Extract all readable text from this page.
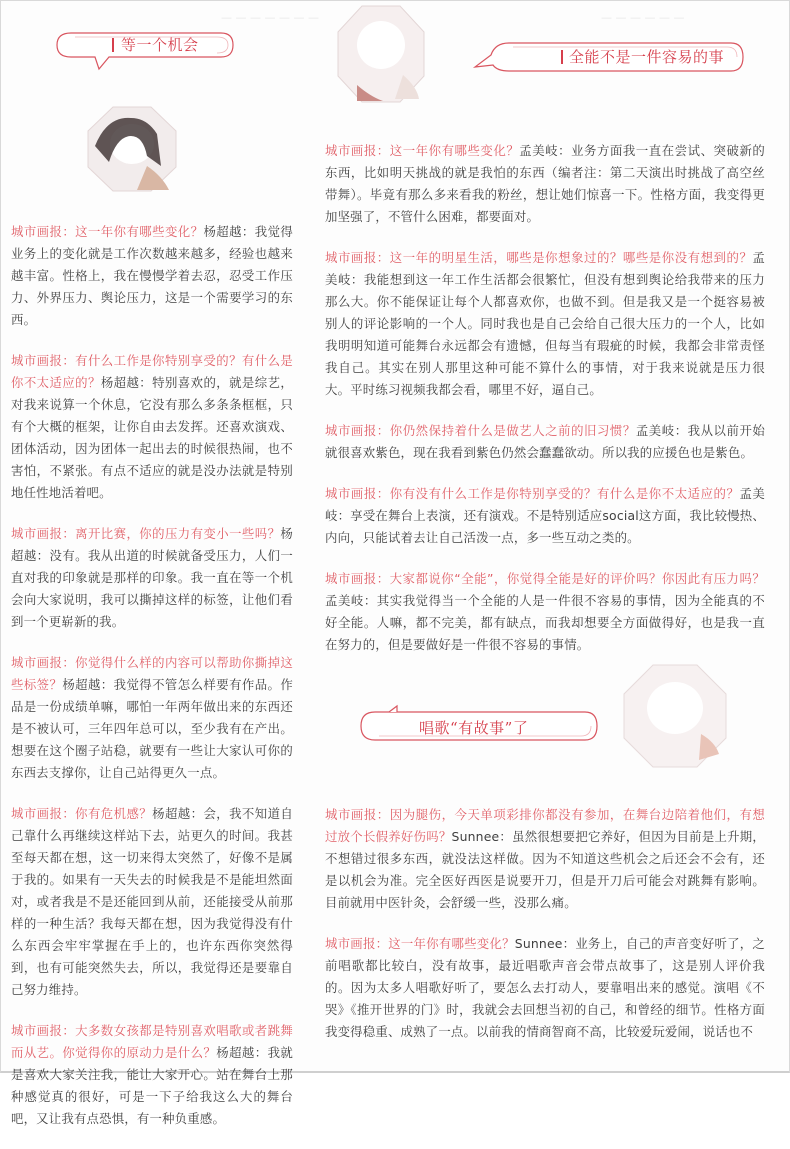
— — — — — — —	— — — — — —
等一个机会
全能不是一件容易的事
唱歌“有故事”了

城市画报：这一年你有哪些变化？杨超越：我觉得业务上的变化就是工作次数越来越多，经验也越来越丰富。性格上，我在慢慢学着去忍，忍受工作压力、外界压力、舆论压力，这是一个需要学习的东西。

城市画报：有什么工作是你特别享受的？有什么是你不太适应的？杨超越：特别喜欢的，就是综艺，对我来说算一个休息，它没有那么多条条框框，只有个大概的框架，让你自由去发挥。还喜欢演戏、团体活动，因为团体一起出去的时候很热闹，也不害怕，不紧张。有点不适应的就是没办法就是特别地任性地活着吧。

城市画报：离开比赛，你的压力有变小一些吗？杨超越：没有。我从出道的时候就备受压力，人们一直对我的印象就是那样的印象。我一直在等一个机会向大家说明，我可以撕掉这样的标签，让他们看到一个更崭新的我。

城市画报：你觉得什么样的内容可以帮助你撕掉这些标签？杨超越：我觉得不管怎么样要有作品。作品是一份成绩单嘛，哪怕一年两年做出来的东西还是不被认可，三年四年总可以，至少我有在产出。想要在这个圈子站稳，就要有一些让大家认可你的东西去支撑你，让自己站得更久一点。

城市画报：你有危机感？杨超越：会，我不知道自己靠什么再继续这样站下去，站更久的时间。我甚至每天都在想，这一切来得太突然了，好像不是属于我的。如果有一天失去的时候我是不是能坦然面对，或者我是不是还能回到从前，还能接受从前那样的一种生活？我每天都在想，因为我觉得没有什么东西会牢牢掌握在手上的，也许东西你突然得到，也有可能突然失去，所以，我觉得还是要靠自己努力维持。

城市画报：大多数女孩都是特别喜欢唱歌或者跳舞而从艺。你觉得你的原动力是什么？杨超越：我就是喜欢大家关注我，能让大家开心。站在舞台上那种感觉真的很好，可是一下子给我这么大的舞台吧，又让我有点恐惧，有一种负重感。

城市画报：这一年你有哪些变化？孟美岐：业务方面我一直在尝试、突破新的东西，比如明天挑战的就是我怕的东西（编者注：第二天演出时挑战了高空丝带舞）。毕竟有那么多来看我的粉丝，想让她们惊喜一下。性格方面，我变得更加坚强了，不管什么困难，都要面对。

城市画报：这一年的明星生活，哪些是你想象过的？哪些是你没有想到的？孟美岐：我能想到这一年工作生活都会很繁忙，但没有想到舆论给我带来的压力那么大。你不能保证让每个人都喜欢你，也做不到。但是我又是一个挺容易被别人的评论影响的一个人。同时我也是自己会给自己很大压力的一个人，比如我明明知道可能舞台永远都会有遗憾，但每当有瑕疵的时候，我都会非常责怪我自己。其实在别人那里这种可能不算什么的事情，对于我来说就是压力很大。平时练习视频我都会看，哪里不好，逼自己。

城市画报：你仍然保持着什么是做艺人之前的旧习惯？孟美岐：我从以前开始就很喜欢紫色，现在我看到紫色仍然会蠢蠢欲动。所以我的应援色也是紫色。

城市画报：你有没有什么工作是你特别享受的？有什么是你不太适应的？孟美岐：享受在舞台上表演，还有演戏。不是特别适应social这方面，我比较慢热、内向，只能试着去让自己活泼一点，多一些互动之类的。

城市画报：大家都说你“全能”，你觉得全能是好的评价吗？你因此有压力吗？孟美岐：其实我觉得当一个全能的人是一件很不容易的事情，因为全能真的不好全能。人嘛，都不完美，都有缺点，而我却想要全方面做得好，也是我一直在努力的，但是要做好是一件很不容易的事情。

城市画报：因为腿伤，今天单项彩排你都没有参加，在舞台边陪着他们，有想过放个长假养好伤吗？Sunnee：虽然很想要把它养好，但因为目前是上升期，不想错过很多东西，就没法这样做。因为不知道这些机会之后还会不会有，还是以机会为准。完全医好西医是说要开刀，但是开刀后可能会对跳舞有影响。目前就用中医针灸，会舒缓一些，没那么痛。

城市画报：这一年你有哪些变化？Sunnee：业务上，自己的声音变好听了，之前唱歌都比较白，没有故事，最近唱歌声音会带点故事了，这是别人评价我的。因为太多人唱歌好听了，要怎么去打动人，要靠唱出来的感觉。演唱《不哭》《推开世界的门》时，我就会去回想当初的自己，和曾经的细节。性格方面我变得稳重、成熟了一点。以前我的情商智商不高，比较爱玩爱闹，说话也不
